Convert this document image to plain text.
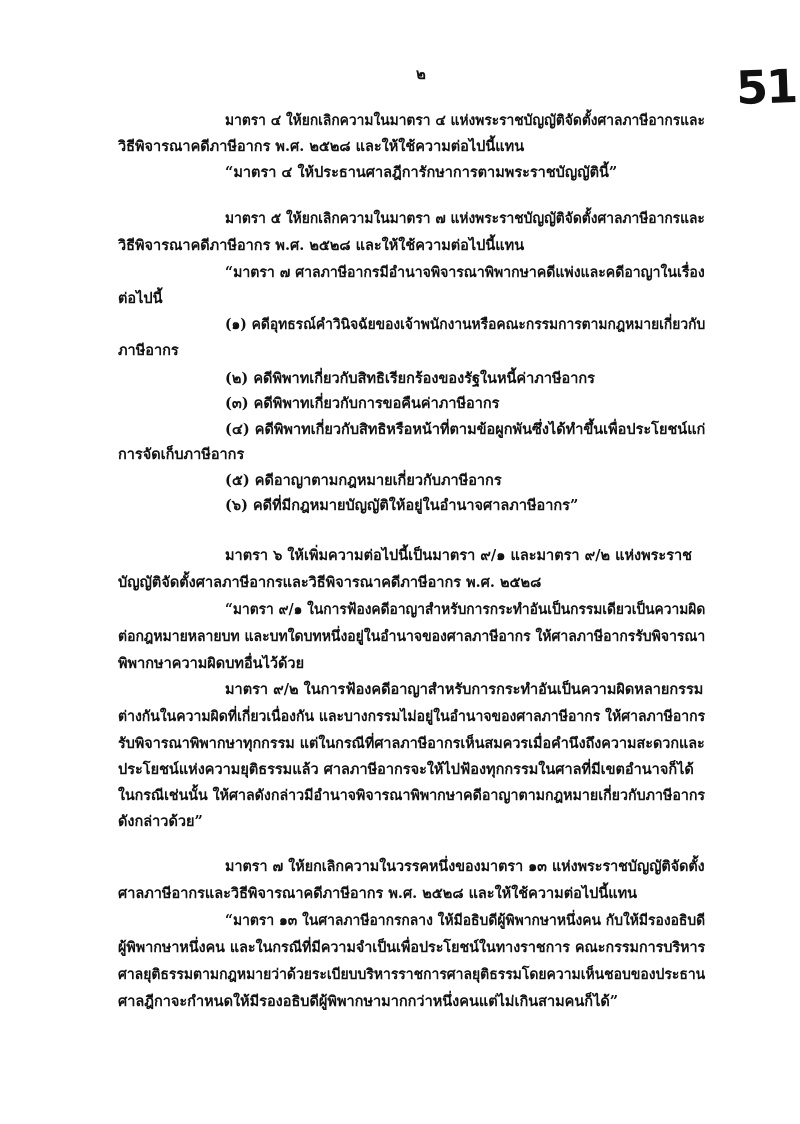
๒	51
มาตรา ๔ ให้ยกเลิกความในมาตรา ๔ แห่งพระราชบัญญัติจัดตั้งศาลภาษีอากรและ
วิธีพิจารณาคดีภาษีอากร พ.ศ. ๒๕๒๘ และให้ใช้ความต่อไปนี้แทน
“มาตรา ๔ ให้ประธานศาลฎีการักษาการตามพระราชบัญญัตินี้”
มาตรา ๕ ให้ยกเลิกความในมาตรา ๗ แห่งพระราชบัญญัติจัดตั้งศาลภาษีอากรและ
วิธีพิจารณาคดีภาษีอากร พ.ศ. ๒๕๒๘ และให้ใช้ความต่อไปนี้แทน
“มาตรา ๗ ศาลภาษีอากรมีอำนาจพิจารณาพิพากษาคดีแพ่งและคดีอาญาในเรื่อง
ต่อไปนี้
(๑) คดีอุทธรณ์คำวินิจฉัยของเจ้าพนักงานหรือคณะกรรมการตามกฎหมายเกี่ยวกับ
ภาษีอากร
(๒) คดีพิพาทเกี่ยวกับสิทธิเรียกร้องของรัฐในหนี้ค่าภาษีอากร
(๓) คดีพิพาทเกี่ยวกับการขอคืนค่าภาษีอากร
(๔) คดีพิพาทเกี่ยวกับสิทธิหรือหน้าที่ตามข้อผูกพันซึ่งได้ทำขึ้นเพื่อประโยชน์แก่
การจัดเก็บภาษีอากร
(๕) คดีอาญาตามกฎหมายเกี่ยวกับภาษีอากร
(๖) คดีที่มีกฎหมายบัญญัติให้อยู่ในอำนาจศาลภาษีอากร”
มาตรา ๖ ให้เพิ่มความต่อไปนี้เป็นมาตรา ๙/๑ และมาตรา ๙/๒ แห่งพระราช
บัญญัติจัดตั้งศาลภาษีอากรและวิธีพิจารณาคดีภาษีอากร พ.ศ. ๒๕๒๘
“มาตรา ๙/๑ ในการฟ้องคดีอาญาสำหรับการกระทำอันเป็นกรรมเดียวเป็นความผิด
ต่อกฎหมายหลายบท และบทใดบทหนึ่งอยู่ในอำนาจของศาลภาษีอากร ให้ศาลภาษีอากรรับพิจารณา
พิพากษาความผิดบทอื่นไว้ด้วย
มาตรา ๙/๒ ในการฟ้องคดีอาญาสำหรับการกระทำอันเป็นความผิดหลายกรรม
ต่างกันในความผิดที่เกี่ยวเนื่องกัน และบางกรรมไม่อยู่ในอำนาจของศาลภาษีอากร ให้ศาลภาษีอากร
รับพิจารณาพิพากษาทุกกรรม แต่ในกรณีที่ศาลภาษีอากรเห็นสมควรเมื่อคำนึงถึงความสะดวกและ
ประโยชน์แห่งความยุติธรรมแล้ว ศาลภาษีอากรจะให้ไปฟ้องทุกกรรมในศาลที่มีเขตอำนาจก็ได้
ในกรณีเช่นนั้น ให้ศาลดังกล่าวมีอำนาจพิจารณาพิพากษาคดีอาญาตามกฎหมายเกี่ยวกับภาษีอากร
ดังกล่าวด้วย”
มาตรา ๗ ให้ยกเลิกความในวรรคหนึ่งของมาตรา ๑๓ แห่งพระราชบัญญัติจัดตั้ง
ศาลภาษีอากรและวิธีพิจารณาคดีภาษีอากร พ.ศ. ๒๕๒๘ และให้ใช้ความต่อไปนี้แทน
“มาตรา ๑๓ ในศาลภาษีอากรกลาง ให้มีอธิบดีผู้พิพากษาหนึ่งคน กับให้มีรองอธิบดี
ผู้พิพากษาหนึ่งคน และในกรณีที่มีความจำเป็นเพื่อประโยชน์ในทางราชการ คณะกรรมการบริหาร
ศาลยุติธรรมตามกฎหมายว่าด้วยระเบียบบริหารราชการศาลยุติธรรมโดยความเห็นชอบของประธาน
ศาลฎีกาจะกำหนดให้มีรองอธิบดีผู้พิพากษามากกว่าหนึ่งคนแต่ไม่เกินสามคนก็ได้”
